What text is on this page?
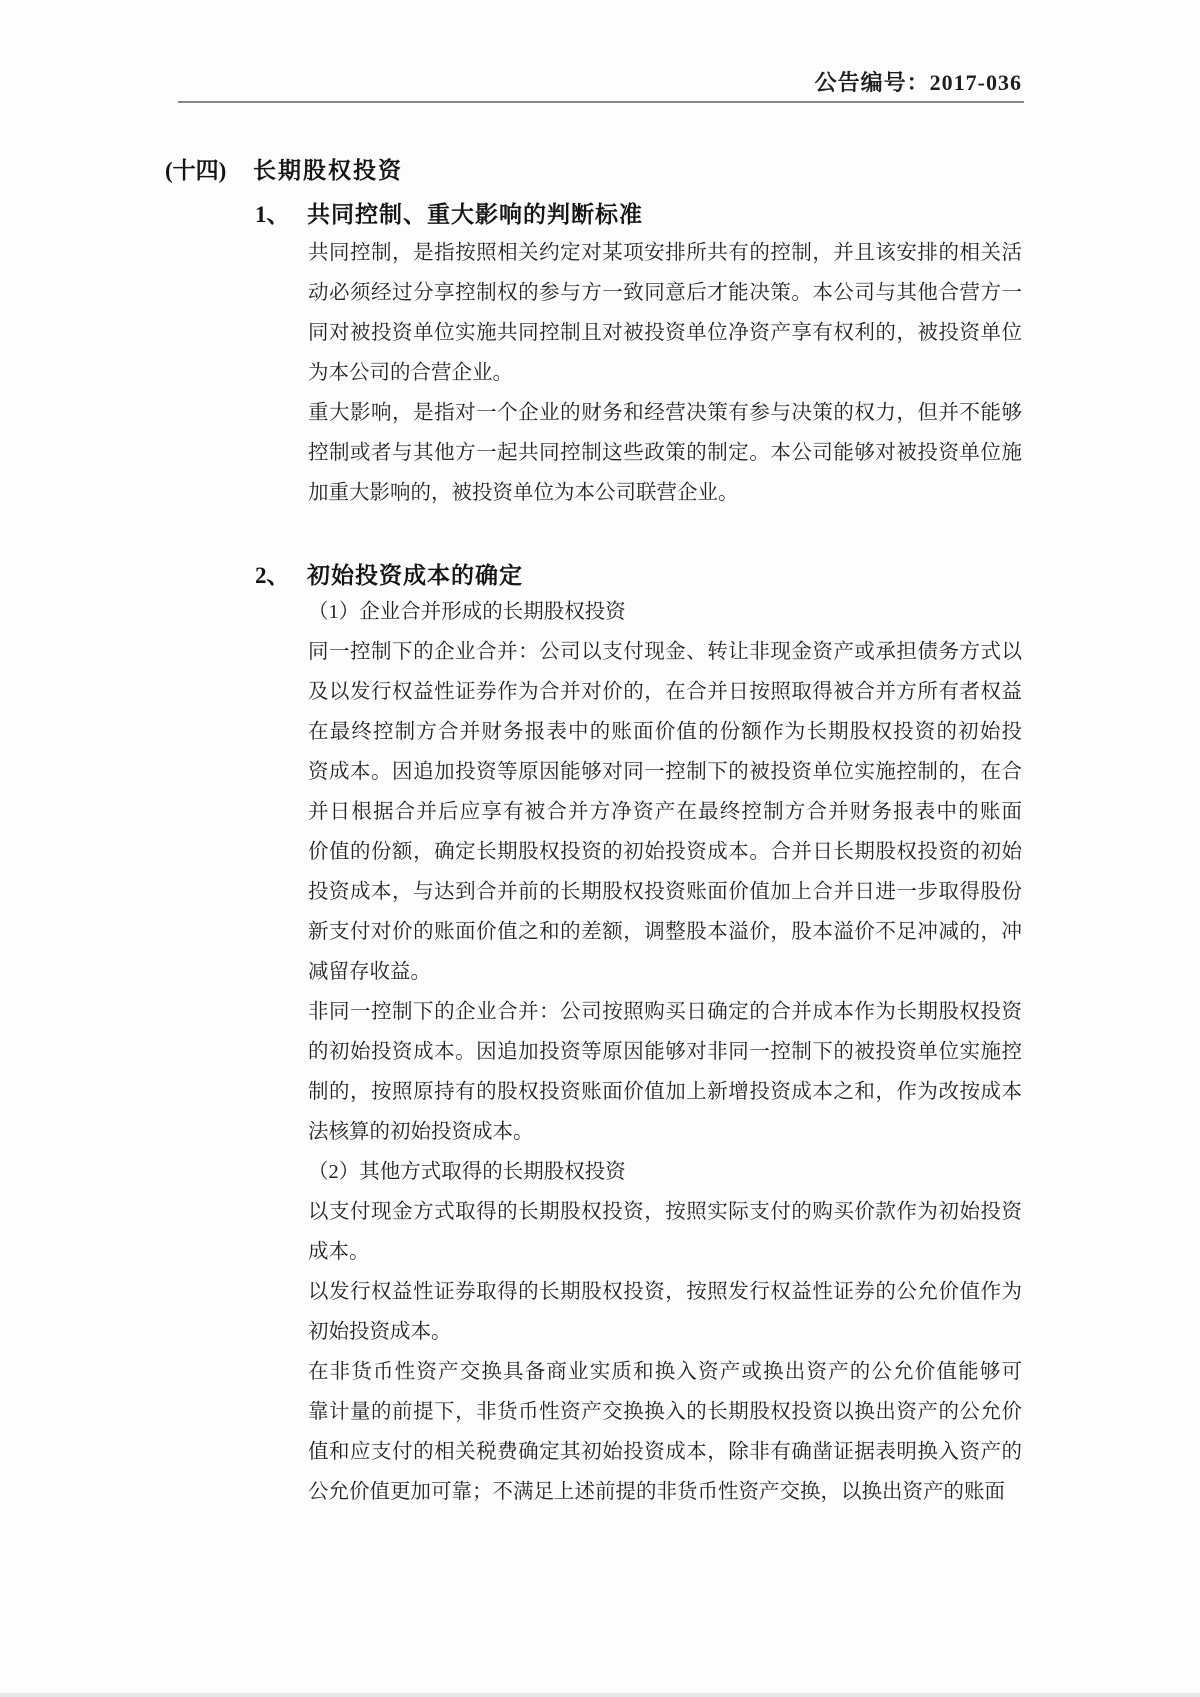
公告编号：2017-036
(十四) 长期股权投资
1、 共同控制、重大影响的判断标准
共同控制，是指按照相关约定对某项安排所共有的控制，并且该安排的相关活
动必须经过分享控制权的参与方一致同意后才能决策。本公司与其他合营方一
同对被投资单位实施共同控制且对被投资单位净资产享有权利的，被投资单位
为本公司的合营企业。
重大影响，是指对一个企业的财务和经营决策有参与决策的权力，但并不能够
控制或者与其他方一起共同控制这些政策的制定。本公司能够对被投资单位施
加重大影响的，被投资单位为本公司联营企业。
2、 初始投资成本的确定
（1）企业合并形成的长期股权投资
同一控制下的企业合并：公司以支付现金、转让非现金资产或承担债务方式以
及以发行权益性证券作为合并对价的，在合并日按照取得被合并方所有者权益
在最终控制方合并财务报表中的账面价值的份额作为长期股权投资的初始投
资成本。因追加投资等原因能够对同一控制下的被投资单位实施控制的，在合
并日根据合并后应享有被合并方净资产在最终控制方合并财务报表中的账面
价值的份额，确定长期股权投资的初始投资成本。合并日长期股权投资的初始
投资成本，与达到合并前的长期股权投资账面价值加上合并日进一步取得股份
新支付对价的账面价值之和的差额，调整股本溢价，股本溢价不足冲减的，冲
减留存收益。
非同一控制下的企业合并：公司按照购买日确定的合并成本作为长期股权投资
的初始投资成本。因追加投资等原因能够对非同一控制下的被投资单位实施控
制的，按照原持有的股权投资账面价值加上新增投资成本之和，作为改按成本
法核算的初始投资成本。
（2）其他方式取得的长期股权投资
以支付现金方式取得的长期股权投资，按照实际支付的购买价款作为初始投资
成本。
以发行权益性证券取得的长期股权投资，按照发行权益性证券的公允价值作为
初始投资成本。
在非货币性资产交换具备商业实质和换入资产或换出资产的公允价值能够可
靠计量的前提下，非货币性资产交换换入的长期股权投资以换出资产的公允价
值和应支付的相关税费确定其初始投资成本，除非有确凿证据表明换入资产的
公允价值更加可靠；不满足上述前提的非货币性资产交换，以换出资产的账面
